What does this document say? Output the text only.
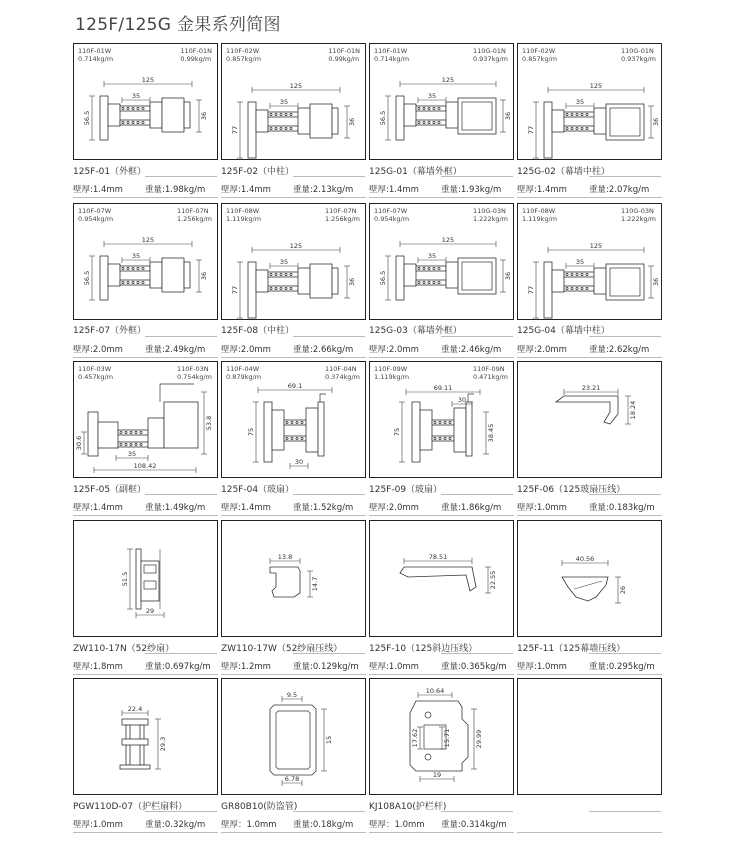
125F/125G 金果系列简图
110F-01W
0.714kg/m
110F-01N
0.99kg/m
125
35
56.5	36
125F-01（外框）
壁厚:1.4mm	重量:1.98kg/m
110F-02W
0.857kg/m
110F-01N
0.99kg/m
125
35
77
36
125F-02（中柱）
壁厚:1.4mm	重量:2.13kg/m
110F-01W
0.714kg/m
110G-01N
0.937kg/m
125
35
56.5	36
125G-01（幕墙外框）
壁厚:1.4mm	重量:1.93kg/m
110F-02W
0.857kg/m
110G-01N
0.937kg/m
125
35
77
36
125G-02（幕墙中柱）
壁厚:1.4mm	重量:2.07kg/m
110F-07W
0.954kg/m
110F-07N
1.256kg/m
125
35
56.5	36
125F-07（外框）
壁厚:2.0mm	重量:2.49kg/m
110F-08W
1.119kg/m
110F-07N
1.256kg/m
125
35
77
36
125F-08（中柱）
壁厚:2.0mm	重量:2.66kg/m
110F-07W
0.954kg/m
110G-03N
1.222kg/m
125
35
56.5	36
125G-03（幕墙外框）
壁厚:2.0mm	重量:2.46kg/m
110F-08W
1.119kg/m
110G-03N
1.222kg/m
125
35
77
36
125G-04（幕墙中柱）
壁厚:2.0mm	重量:2.62kg/m
110F-03W
0.457kg/m
110F-03N
0.754kg/m
30.6
53.8
35
108.42
125F-05（副框）
壁厚:1.4mm	重量:1.49kg/m
110F-04W
0.879kg/m
110F-04N
0.374kg/m
69.1
75
30
125F-04（玻扇）
壁厚:1.4mm	重量:1.52kg/m
110F-09W
1.119kg/m
110F-09N
0.471kg/m
69.11
30
75	38.45
125F-09（玻扇）
壁厚:2.0mm	重量:1.86kg/m
23.21
18.24
125F-06（125玻扇压线）
壁厚:1.0mm	重量:0.183kg/m
51.5
29
ZW110-17N（52纱扇）
壁厚:1.8mm	重量:0.697kg/m
13.8
14.7
ZW110-17W（52纱扇压线）
壁厚:1.2mm	重量:0.129kg/m
78.51
22.55
125F-10（125斜边压线）
壁厚:1.0mm	重量:0.365kg/m
40.56
26
125F-11（125幕墙压线）
壁厚:1.0mm	重量:0.295kg/m
22.4
29.3
PGW110D-07（护栏扇料）
壁厚:1.0mm	重量:0.32kg/m
9.5
15
6.78
GR80B10(防盗管)
壁厚：1.0mm 重量:0.18kg/m
10.64
17.62	15.71	29.99
19
KJ108A10(护栏杆)
壁厚：1.0mm 重量:0.314kg/m
